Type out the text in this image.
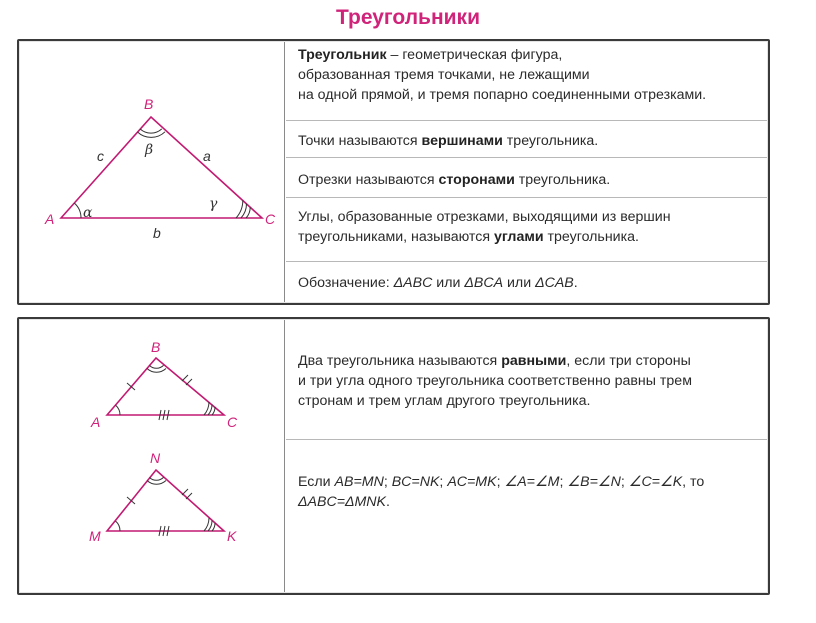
Треугольники
B
A	C
c	a
b
α
β
γ
Треугольник – геометрическая фигура,
образованная тремя точками, не лежащими
на одной прямой, и тремя попарно соединенными отрезками.
Точки называются вершинами треугольника.
Отрезки называются сторонами треугольника.
Углы, образованные отрезками, выходящими из вершин
треугольниками, называются углами треугольника.
Обозначение: ΔABC или ΔBCA или ΔCAB.
B
A	C
N
M	K
Два треугольника называются равными, если три стороны
и три угла одного треугольника соответственно равны трем
стронам и трем углам другого треугольника.
Если AB=MN; BC=NK; AC=MK; ∠A=∠M; ∠B=∠N; ∠C=∠K, то
ΔABC=ΔMNK.
